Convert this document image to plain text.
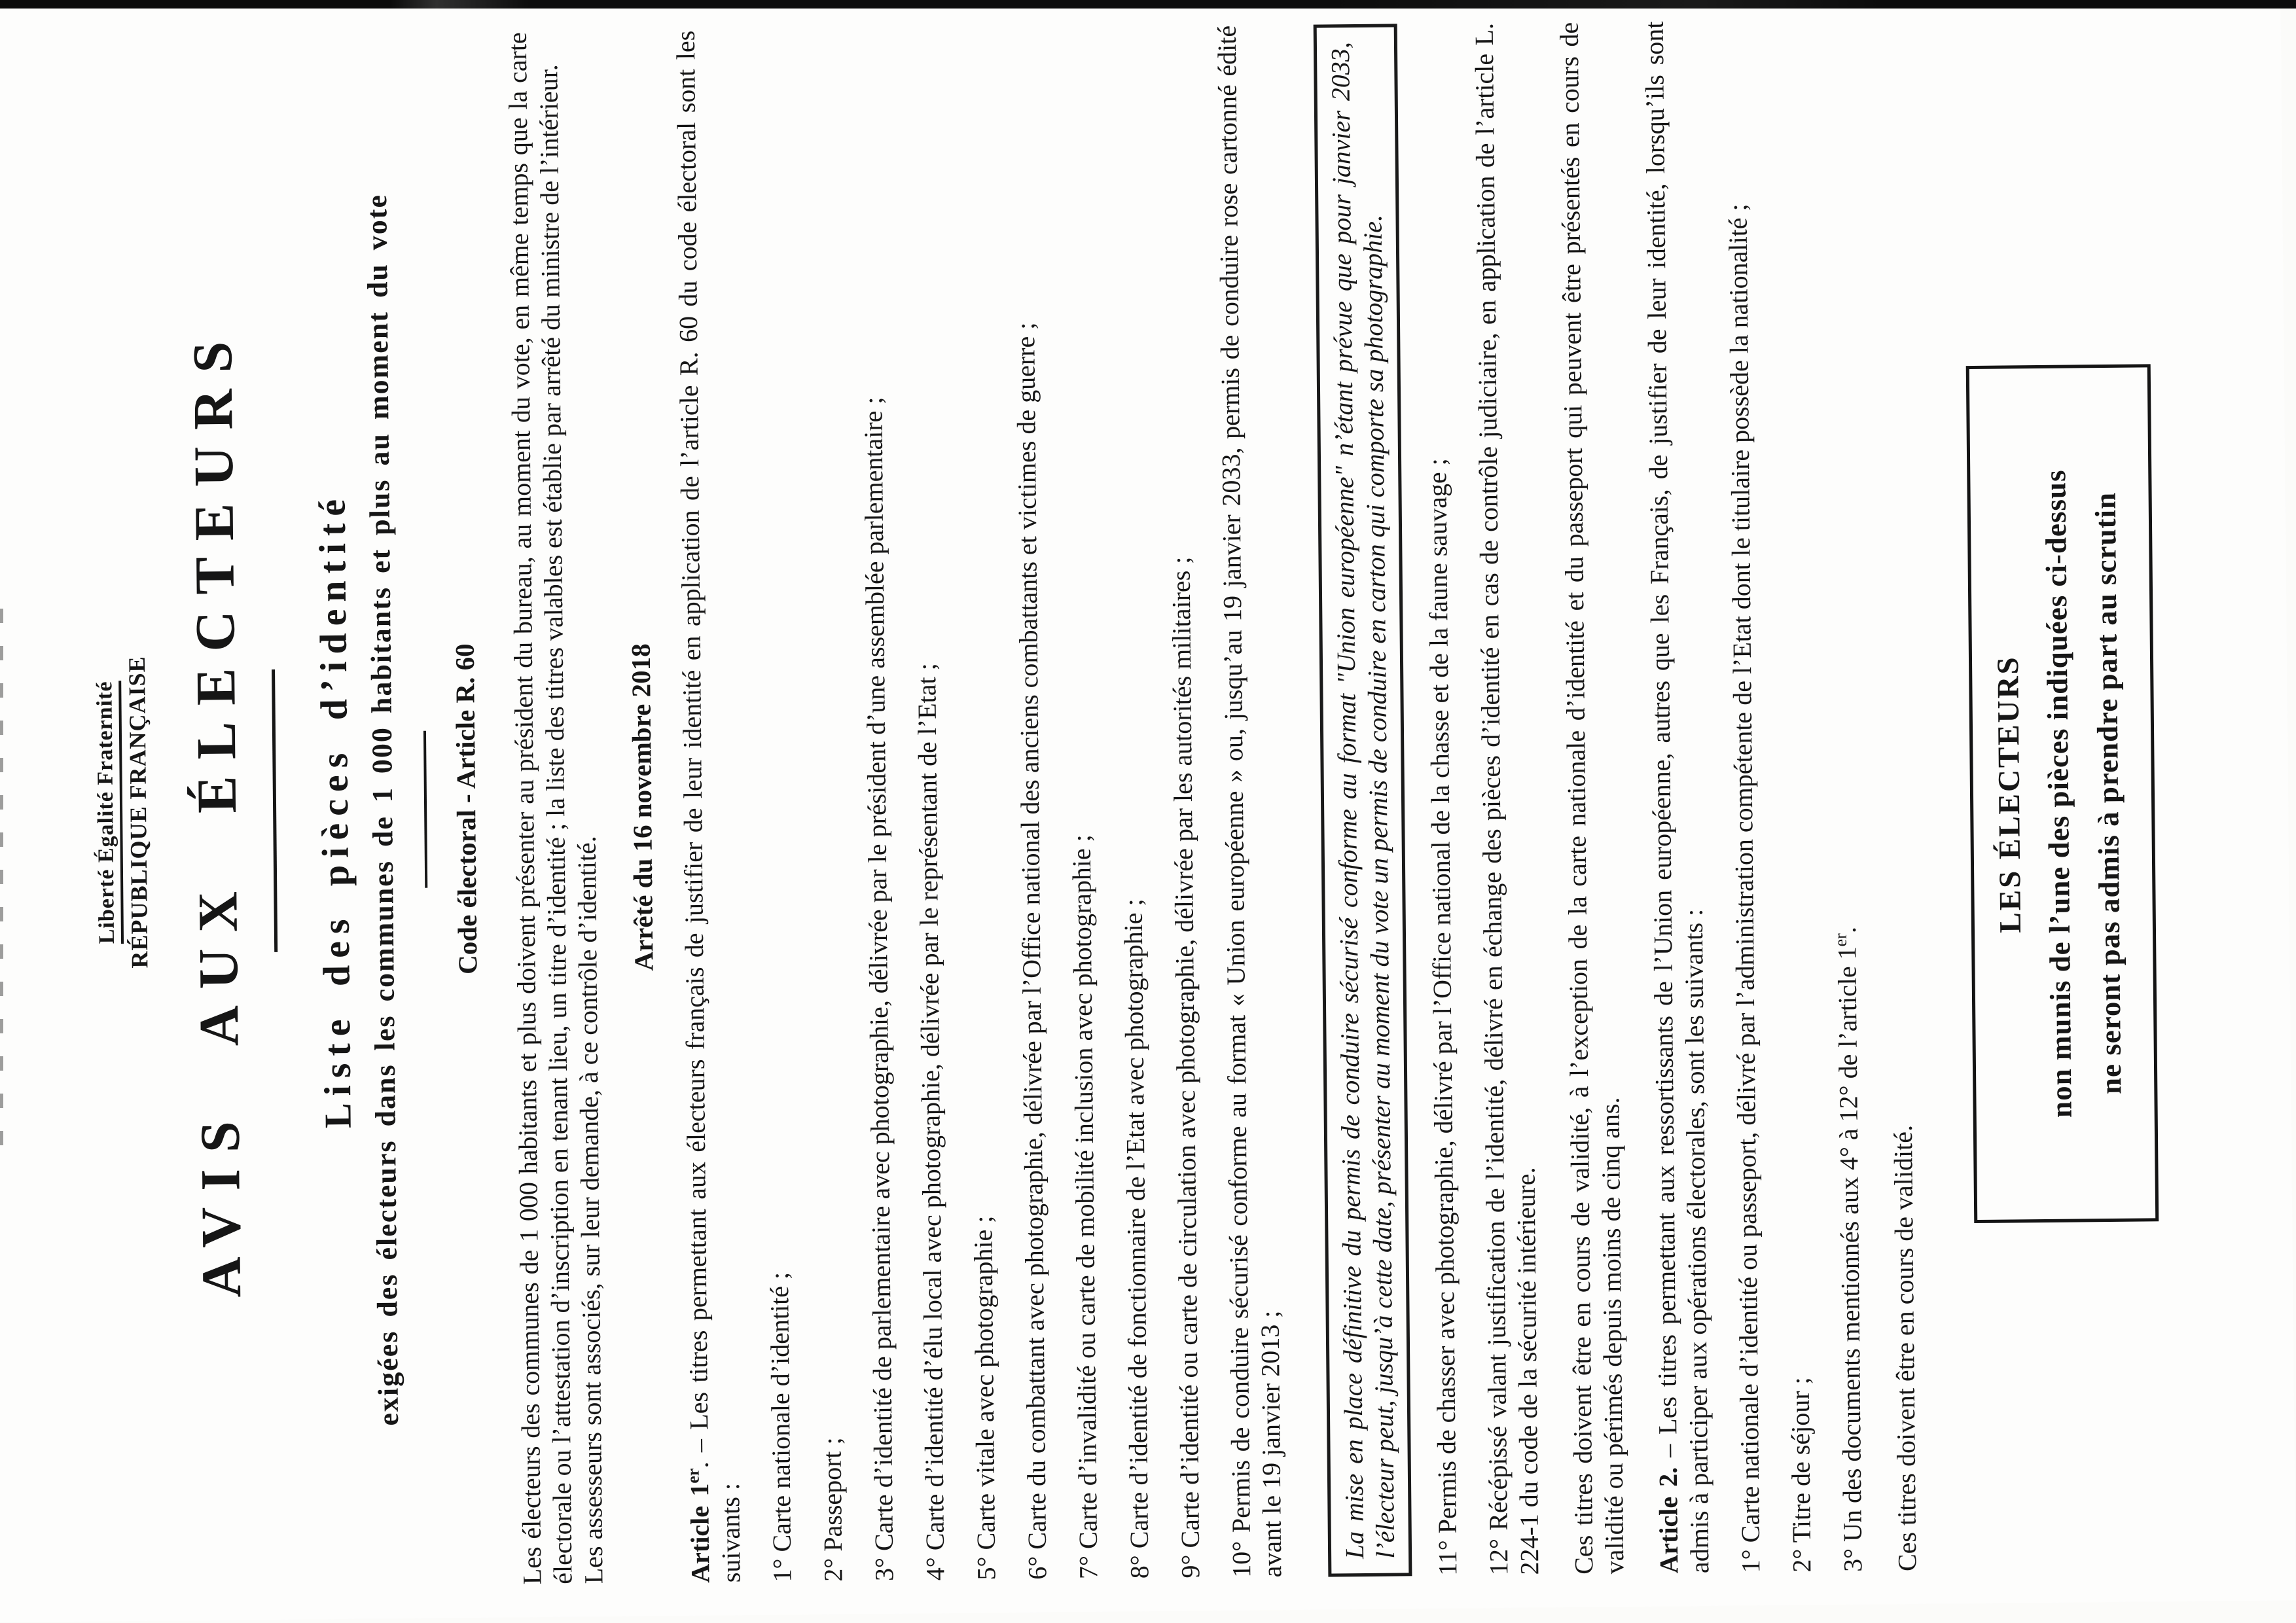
Liberté Égalité Fraternité RÉPUBLIQUE FRANÇAISE AVIS AUX ÉLECTEURS Liste des pièces d’identité exigées des électeurs dans les communes de 1 000 habitants et plus au moment du vote Code électoral - Article R. 60 Les électeurs des communes de 1 000 habitants et plus doivent présenter au président du bureau, au moment du vote, en même temps que la carte électorale ou l’attestation d’inscription en tenant lieu, un titre d’identité ; la liste des titres valables est établie par arrêté du ministre de l’intérieur.

Les assesseurs sont associés, sur leur demande, à ce contrôle d’identité.

Arrêté du 16 novembre 2018

Article 1er. – Les titres permettant aux électeurs français de justifier de leur identité en application de l’article R. 60 du code électoral sont les suivants : 1° Carte nationale d’identité ; 2° Passeport ; 3° Carte d’identité de parlementaire avec photographie, délivrée par le président d’une assemblée parlementaire ; 4° Carte d’identité d’élu local avec photographie, délivrée par le représentant de l’Etat ; 5° Carte vitale avec photographie ; 6° Carte du combattant avec photographie, délivrée par l’Office national des anciens combattants et victimes de guerre ; 7° Carte d’invalidité ou carte de mobilité inclusion avec photographie ; 8° Carte d’identité de fonctionnaire de l’Etat avec photographie ; 9° Carte d’identité ou carte de circulation avec photographie, délivrée par les autorités militaires ; 10° Permis de conduire sécurisé conforme au format « Union européenne » ou, jusqu’au 19 janvier 2033, permis de conduire rose cartonné édité avant le 19 janvier 2013 ; La mise en place définitive du permis de conduire sécurisé conforme au format "Union européenne" n’étant prévue que pour janvier 2033, l’électeur peut, jusqu’à cette date, présenter au moment du vote un permis de conduire en carton qui comporte sa photographie. 11° Permis de chasser avec photographie, délivré par l’Office national de la chasse et de la faune sauvage ; 12° Récépissé valant justification de l’identité, délivré en échange des pièces d’identité en cas de contrôle judiciaire, en application de l’article L. 224-1 du code de la sécurité intérieure. Ces titres doivent être en cours de validité, à l’exception de la carte nationale d’identité et du passeport qui peuvent être présentés en cours de validité ou périmés depuis moins de cinq ans. Article 2. – Les titres permettant aux ressortissants de l’Union européenne, autres que les Français, de justifier de leur identité, lorsqu’ils sont admis à participer aux opérations électorales, sont les suivants : 1° Carte nationale d’identité ou passeport, délivré par l’administration compétente de l’Etat dont le titulaire possède la nationalité ; 2° Titre de séjour ; 3° Un des documents mentionnés aux 4° à 12° de l’article 1er.

Ces titres doivent être en cours de validité.

LES ÉLECTEURS non munis de l’une des pièces indiquées ci-dessus ne seront pas admis à prendre part au scrutin
